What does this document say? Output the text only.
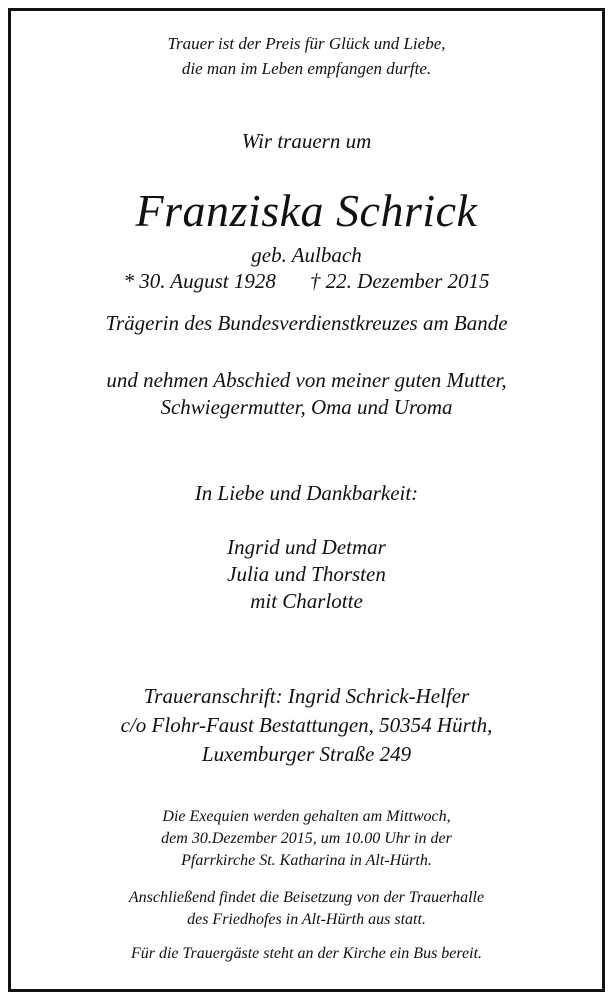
Trauer ist der Preis für Glück und Liebe,
die man im Leben empfangen durfte.

Wir trauern um

Franziska Schrick

geb. Aulbach

* 30. August 1928 † 22. Dezember 2015

Trägerin des Bundesverdienstkreuzes am Bande

und nehmen Abschied von meiner guten Mutter,
Schwiegermutter, Oma und Uroma

In Liebe und Dankbarkeit:

Ingrid und Detmar
Julia und Thorsten
mit Charlotte
Traueranschrift: Ingrid Schrick-Helfer
c/o Flohr-Faust Bestattungen, 50354 Hürth,
Luxemburger Straße 249
Die Exequien werden gehalten am Mittwoch,
dem 30.Dezember 2015, um 10.00 Uhr in der
Pfarrkirche St. Katharina in Alt-Hürth.
Anschließend findet die Beisetzung von der Trauerhalle
des Friedhofes in Alt-Hürth aus statt.

Für die Trauergäste steht an der Kirche ein Bus bereit.
